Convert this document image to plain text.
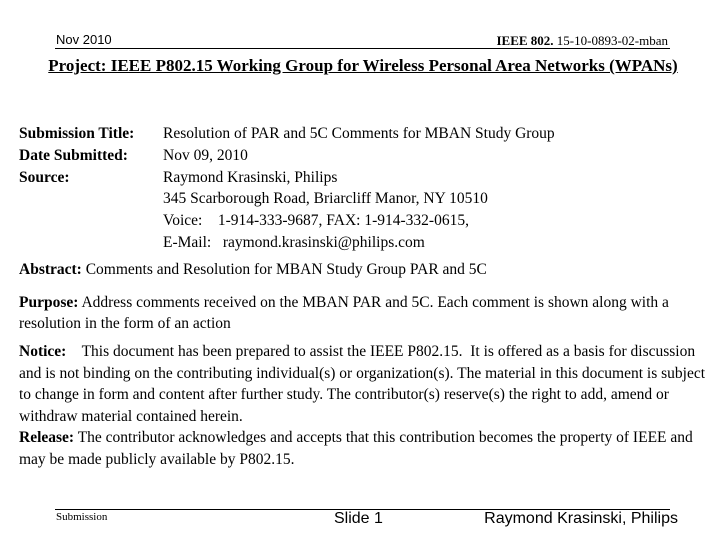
Nov 2010	IEEE 802. 15-10-0893-02-mban
Project: IEEE P802.15 Working Group for Wireless Personal Area Networks (WPANs)
Submission Title:	Resolution of PAR and 5C Comments for MBAN Study Group
Date Submitted:	Nov 09, 2010
Source:	Raymond Krasinski, Philips
	345 Scarborough Road, Briarcliff Manor, NY 10510
	Voice:    1-914-333-9687, FAX: 1-914-332-0615,
	E-Mail:   raymond.krasinski@philips.com
Abstract: Comments and Resolution for MBAN Study Group PAR and 5C
Purpose: Address comments received on the MBAN PAR and 5C. Each comment is shown along with a resolution in the form of an action
Notice:    This document has been prepared to assist the IEEE P802.15.  It is offered as a basis for discussion and is not binding on the contributing individual(s) or organization(s). The material in this document is subject to change in form and content after further study. The contributor(s) reserve(s) the right to add, amend or withdraw material contained herein.
Release: The contributor acknowledges and accepts that this contribution becomes the property of IEEE and may be made publicly available by P802.15.
Submission	Slide 1	Raymond Krasinski, Philips
